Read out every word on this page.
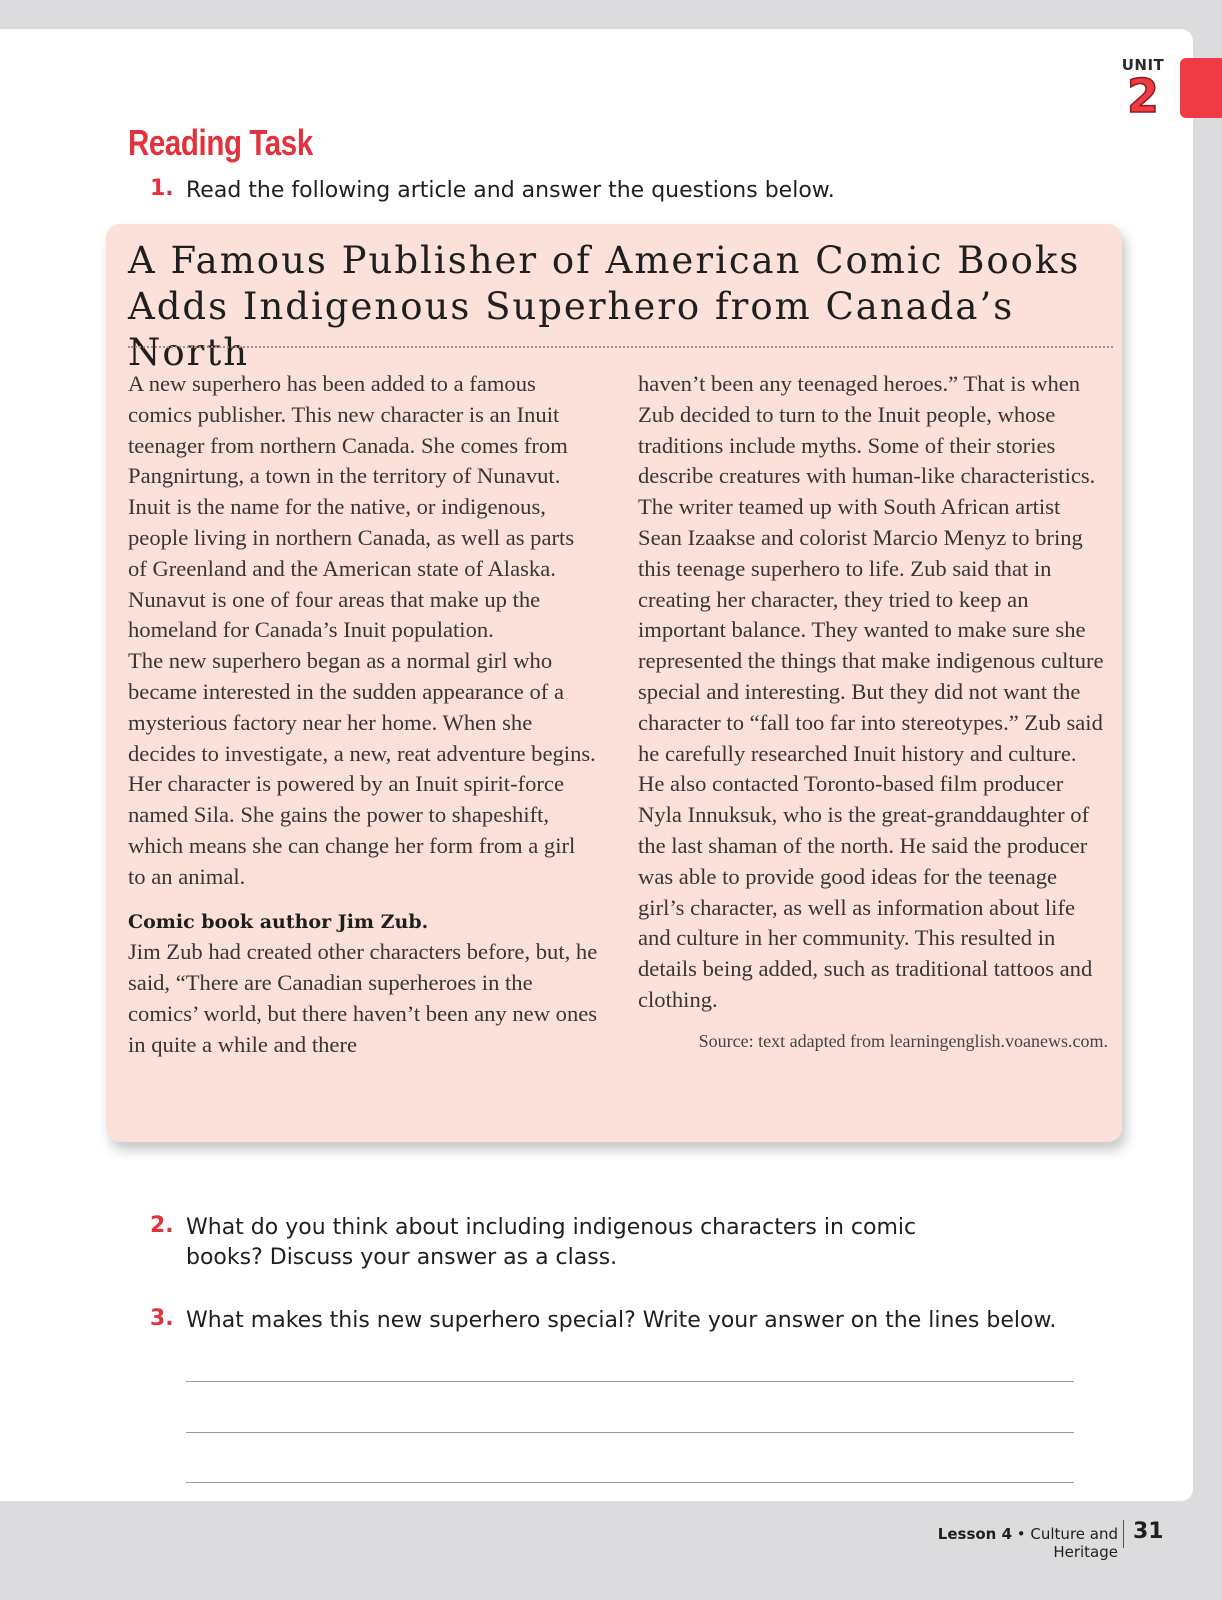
UNIT
2
Reading Task
1. Read the following article and answer the questions below.
A Famous Publisher of American Comic Books
Adds Indigenous Superhero from Canada’s North

A new superhero has been added to a famous comics publisher. This new character is an Inuit teenager from northern Canada. She comes from Pangnirtung, a town in the territory of Nunavut. Inuit is the name for the native, or indigenous, people living in northern Canada, as well as parts of Greenland and the American state of Alaska. Nunavut is one of four areas that make up the homeland for Canada’s Inuit population.

The new superhero began as a normal girl who became interested in the sudden appearance of a mysterious factory near her home. When she decides to investigate, a new, reat adventure begins. Her character is powered by an Inuit spirit-force named Sila. She gains the power to shapeshift, which means she can change her form from a girl to an animal.

Comic book author Jim Zub.

Jim Zub had created other characters before, but, he said, “There are Canadian superheroes in the comics’ world, but there haven’t been any new ones in quite a while and there

haven’t been any teenaged heroes.” That is when Zub decided to turn to the Inuit people, whose traditions include myths. Some of their stories describe creatures with human-like characteristics.

The writer teamed up with South African artist Sean Izaakse and colorist Marcio Menyz to bring this teenage superhero to life. Zub said that in creating her character, they tried to keep an important balance. They wanted to make sure she represented the things that make indigenous culture special and interesting. But they did not want the character to “fall too far into stereotypes.” Zub said he carefully researched Inuit history and culture. He also contacted Toronto-based film producer Nyla Innuksuk, who is the great-granddaughter of the last shaman of the north. He said the producer was able to provide good ideas for the teenage girl’s character, as well as information about life and culture in her community. This resulted in details being added, such as traditional tattoos and clothing.

Source: text adapted from learningenglish.voanews.com.

2. What do you think about including indigenous characters in comic books? Discuss your answer as a class.
3. What makes this new superhero special? Write your answer on the lines below.
Lesson 4 • Culture and Heritage
31
